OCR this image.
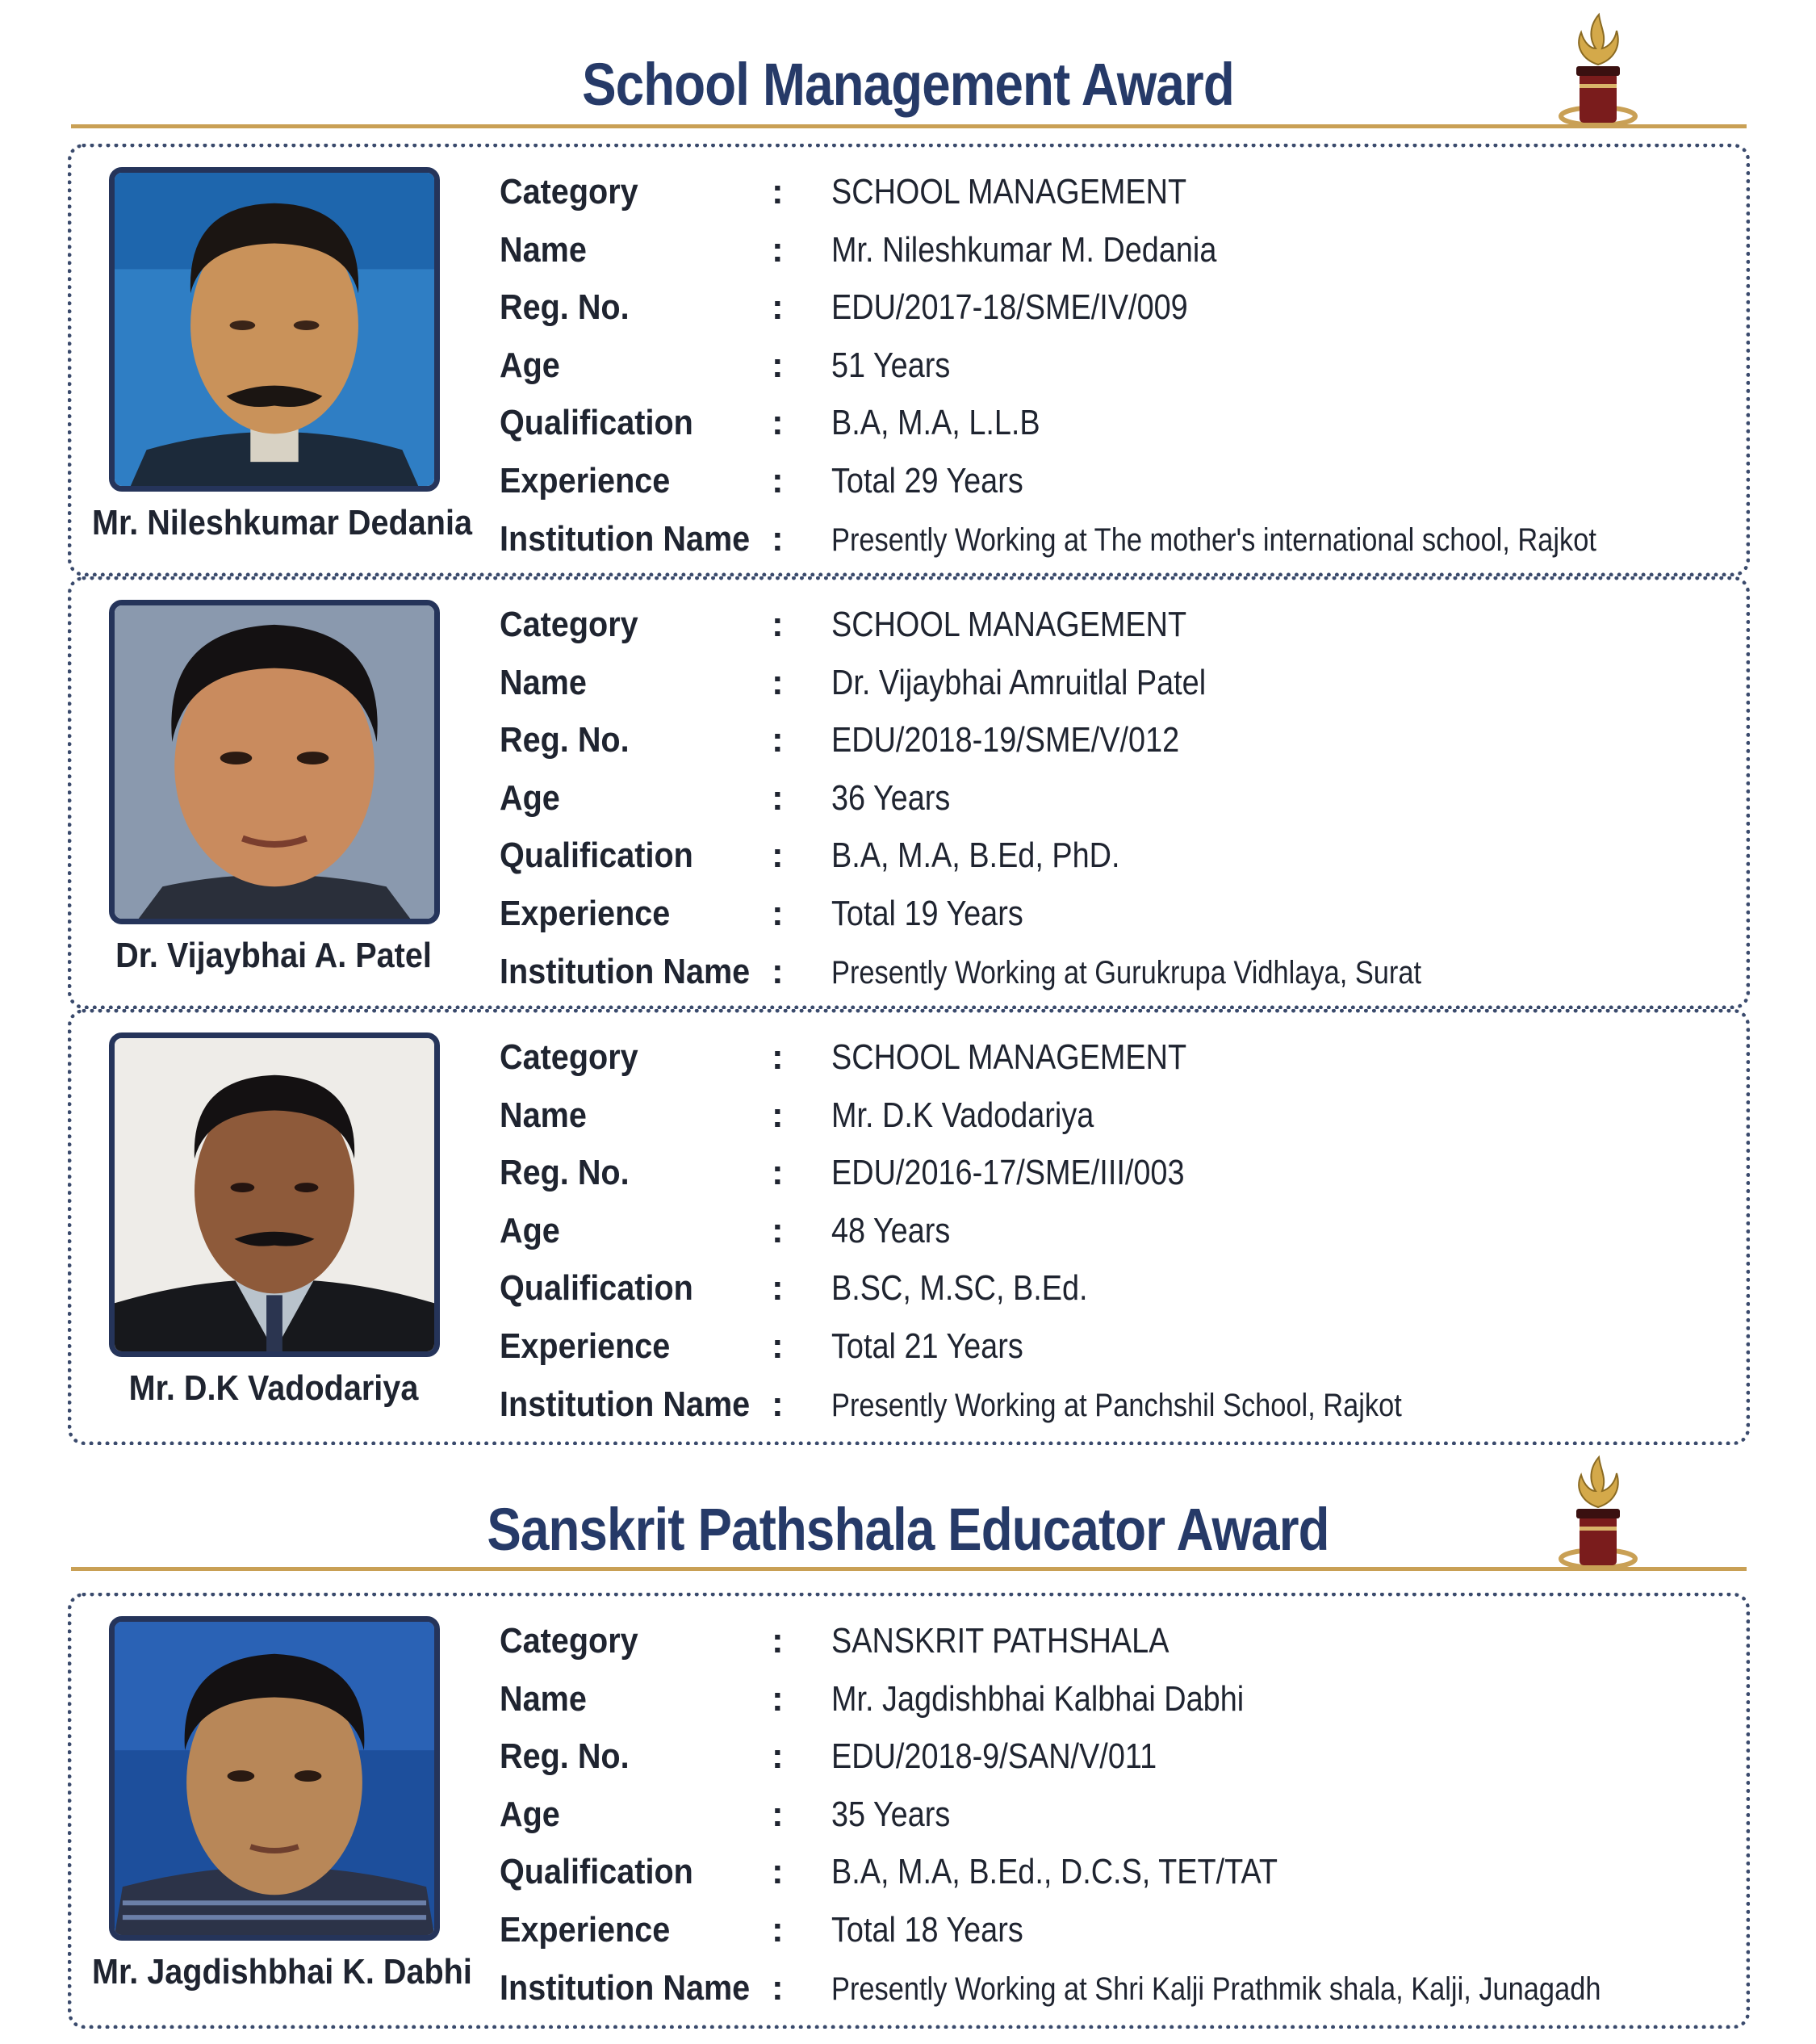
School Management Award
Mr. Nileshkumar Dedania
Category	: SCHOOL MANAGEMENT
Name	: Mr. Nileshkumar M. Dedania
Reg. No.	: EDU/2017-18/SME/IV/009
Age	: 51 Years
Qualification : B.A, M.A, L.L.B
Experience	: Total 29 Years
Institution Name : Presently Working at The mother's international school, Rajkot
Dr. Vijaybhai A. Patel
Category	: SCHOOL MANAGEMENT
Name	: Dr. Vijaybhai Amruitlal Patel
Reg. No.	: EDU/2018-19/SME/V/012
Age	: 36 Years
Qualification : B.A, M.A, B.Ed, PhD.
Experience	: Total 19 Years
Institution Name : Presently Working at Gurukrupa Vidhlaya, Surat
Mr. D.K Vadodariya
Category	: SCHOOL MANAGEMENT
Name	: Mr. D.K Vadodariya
Reg. No.	: EDU/2016-17/SME/III/003
Age	: 48 Years
Qualification : B.SC, M.SC, B.Ed.
Experience	: Total 21 Years
Institution Name : Presently Working at Panchshil School, Rajkot
Sanskrit Pathshala Educator Award
Mr. Jagdishbhai K. Dabhi
Category	: SANSKRIT PATHSHALA
Name	: Mr. Jagdishbhai Kalbhai Dabhi
Reg. No.	: EDU/2018-9/SAN/V/011
Age	: 35 Years
Qualification : B.A, M.A, B.Ed., D.C.S, TET/TAT
Experience	: Total 18 Years
Institution Name : Presently Working at Shri Kalji Prathmik shala, Kalji, Junagadh
